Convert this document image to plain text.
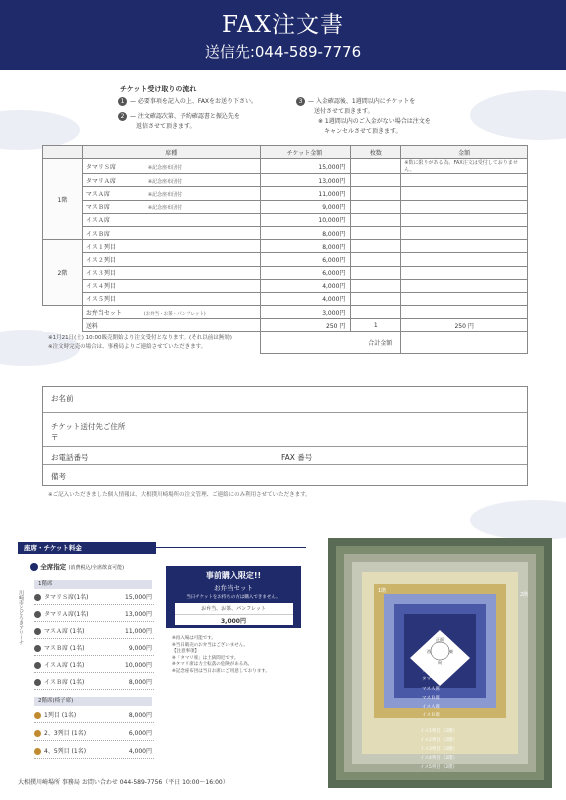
FAX注文書
送信先:044-589-7776
チケット受け取りの流れ
1 — 必要事項を記入の上、FAXをお送り下さい。
2 — 注文確認次第、予約確認書と振込先を
返信させて頂きます。
3 — 入金確認後、1週間以内にチケットを
送付させて頂きます。
※ 1週間以内のご入金がない場合は注文を
キャンセルさせて頂きます。
	席種	チケット金額	枚数	金額
1階	タマリＳ席 ※記念座布団付	15,000円		※数に限りがある為、FAX注文は受付しておりません。
	タマリＡ席 ※記念座布団付	13,000円		
	マスＡ席 ※記念座布団付	11,000円		
	マスＢ席 ※記念座布団付	9,000円		
	イスＡ席	10,000円		
	イスＢ席	8,000円		
2階	イス１列目	8,000円		
	イス２列目	6,000円		
	イス３列目	6,000円		
	イス４列目	4,000円		
	イス５列目	4,000円		
	お弁当セット (お弁当・お茶・パンフレット)	3,000円		
	送料	250 円	1	250 円
		合計金額		
※1月21日(土) 10:00販売開始より注文受付となります。(それ以前は無効)
※注文時完売の場合は、事務局よりご連絡させていただきます。
お名前
チケット送付先ご住所
〒
お電話番号	FAX 番号
備考
※ご記入いただきました個人情報は、大相撲川崎場所の注文管理、ご連絡にのみ利用させていただきます。
座席・チケット料金
川崎市とどろきアリーナ
全席指定 (消費税込/全席飲食可能)
1階席
タマリＳ席(1名)	15,000円
タマリＡ席(1名)	13,000円
マスＡ席 (1名)	11,000円
マスＢ席 (1名)	9,000円
イスＡ席 (1名)	10,000円
イスＢ席 (1名)	8,000円
2階席(椅子席)
1列目 (1名)	8,000円
2、3列目 (1名)	6,000円
4、5列目 (1名)	4,000円
事前購入限定!!
お弁当セット
当日チケットをお持ちの方は購入できません。
お弁当、お茶、パンフレット
3,000円
※再入場は可能です。
※当日販売のお弁当はございません。
【注意事項】
※「タマリ席」は土俵間近です。
※タマリ席は力士転落の危険がある為、
※記念座布団は当日お席にご用意しております。
正面
向
西	東
1階
2階
タマリＳ席
タマリＡ席
マスＡ席
マスＢ席
イスＡ席
イスＢ席
イス1列目（2階）
イス2列目（2階）
イス3列目（2階）
イス4列目（2階）
イス5列目（2階）
大相撲川崎場所 事務局 お問い合わせ 044-589-7756（平日 10:00〜16:00）
